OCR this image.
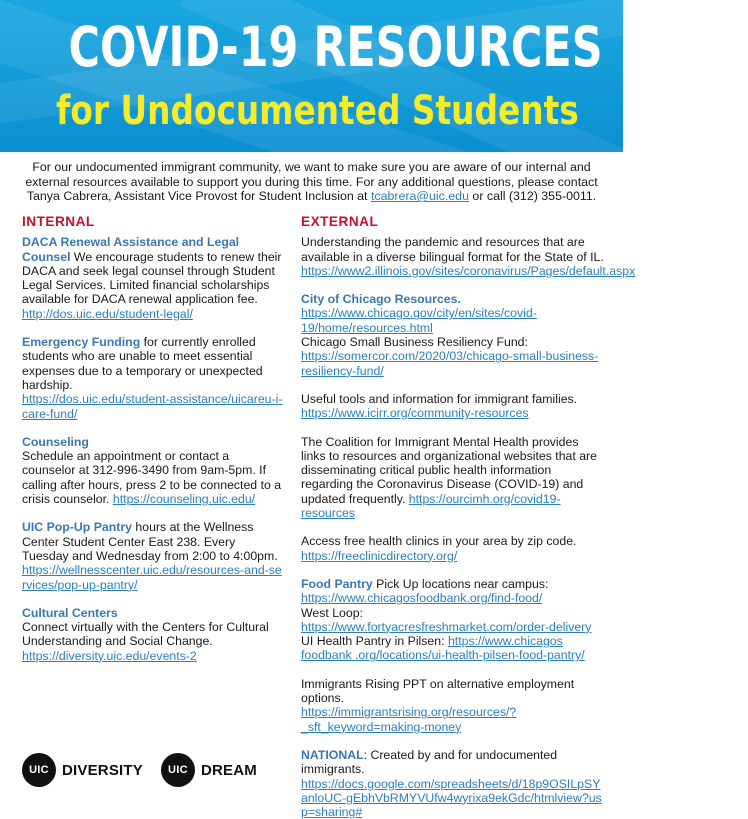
COVID-19 RESOURCES
for Undocumented Students
For our undocumented immigrant community, we want to make sure you are aware of our internal and external resources available to support you during this time. For any additional questions, please contact Tanya Cabrera, Assistant Vice Provost for Student Inclusion at tcabrera@uic.edu or call (312) 355-0011.
INTERNAL
DACA Renewal Assistance and Legal Counsel We encourage students to renew their DACA and seek legal counsel through Student Legal Services. Limited financial scholarships available for DACA renewal application fee.
http://dos.uic.edu/student-legal/
Emergency Funding for currently enrolled students who are unable to meet essential expenses due to a temporary or unexpected hardship.
https://dos.uic.edu/student-assistance/uicareu-i-care-fund/
Counseling
Schedule an appointment or contact a counselor at 312-996-3490 from 9am-5pm. If calling after hours, press 2 to be connected to a crisis counselor. https://counseling.uic.edu/
UIC Pop-Up Pantry hours at the Wellness Center Student Center East 238. Every Tuesday and Wednesday from 2:00 to 4:00pm.
https://wellnesscenter.uic.edu/resources-and-se rvices/pop-up-pantry/
Cultural Centers
Connect virtually with the Centers for Cultural Understanding and Social Change.
https://diversity.uic.edu/events-2
EXTERNAL
Understanding the pandemic and resources that are available in a diverse bilingual format for the State of IL.
https://www2.illinois.gov/sites/coronavirus/Pages/default.aspx
City of Chicago Resources.
https://www.chicago.gov/city/en/sites/covid-19/home/resources.html
Chicago Small Business Resiliency Fund:
https://somercor.com/2020/03/chicago-small-business-resiliency-fund/
Useful tools and information for immigrant families.
https://www.icirr.org/community-resources
The Coalition for Immigrant Mental Health provides links to resources and organizational websites that are disseminating critical public health information regarding the Coronavirus Disease (COVID-19) and updated frequently. https://ourcimh.org/covid19-resources
Access free health clinics in your area by zip code.
https://freeclinicdirectory.org/
Food Pantry Pick Up locations near campus:
https://www.chicagosfoodbank.org/find-food/
West Loop:
https://www.fortyacresfreshmarket.com/order-delivery
UI Health Pantry in Pilsen: https://www.chicagos foodbank .org/locations/ui-health-pilsen-food-pantry/
Immigrants Rising PPT on alternative employment options.
https://immigrantsrising.org/resources/?_sft_keyword=making-money
NATIONAL: Created by and for undocumented immigrants.
https://docs.google.com/spreadsheets/d/18p9OSILpSYanloUC-gEbhVbRMYVUfw4wyrixa9ekGdc/htmlview?usp=sharing#
UIC DIVERSITY	UIC DREAM
